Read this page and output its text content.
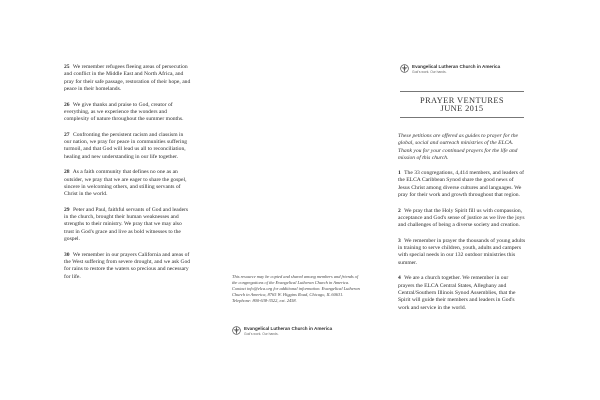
25 We remember refugees fleeing areas of persecution and conflict in the Middle East and North Africa, and pray for their safe passage, restoration of their hope, and peace in their homelands.

26 We give thanks and praise to God, creator of everything, as we experience the wonders and complexity of nature throughout the summer months.

27 Confronting the persistent racism and classism in our nation, we pray for peace in communities suffering turmoil, and that God will lead us all to reconciliation, healing and new understanding in our life together.

28 As a faith community that defines no one as an outsider, we pray that we are eager to share the gospel, sincere in welcoming others, and stilling servants of Christ in the world.

29 Peter and Paul, faithful servants of God and leaders in the church, brought their human weaknesses and strengths to their ministry. We pray that we may also trust in God's grace and live as bold witnesses to the gospel.

30 We remember in our prayers California and areas of the West suffering from severe drought, and we ask God for rains to restore the waters so precious and necessary for life.	This resource may be copied and shared among members and friends of the congregations of the Evangelical Lutheran Church in America. Contact info@elca.org for additional information. Evangelical Lutheran Church in America, 8765 W. Higgins Road, Chicago, IL 60631. Telephone: 800-638-3522, ext. 2458.
Evangelical Lutheran Church in America
God's work. Our hands.
Evangelical Lutheran Church in America
God's work. Our hands.
PRAYER VENTURES
JUNE 2015
These petitions are offered as guides to prayer for the global, social and outreach ministries of the ELCA. Thank you for your continued prayers for the life and mission of this church.

1 The 33 congregations, 4,414 members, and leaders of the ELCA Caribbean Synod share the good news of Jesus Christ among diverse cultures and languages. We pray for their work and growth throughout that region.

2 We pray that the Holy Spirit fill us with compassion, acceptance and God's sense of justice as we live the joys and challenges of being a diverse society and creation.

3 We remember in prayer the thousands of young adults in training to serve children, youth, adults and campers with special needs in our 132 outdoor ministries this summer.

4 We are a church together. We remember in our prayers the ELCA Central States, Alleghany and Central/Southern Illinois Synod Assemblies, that the Spirit will guide their members and leaders in God's work and service in the world.
